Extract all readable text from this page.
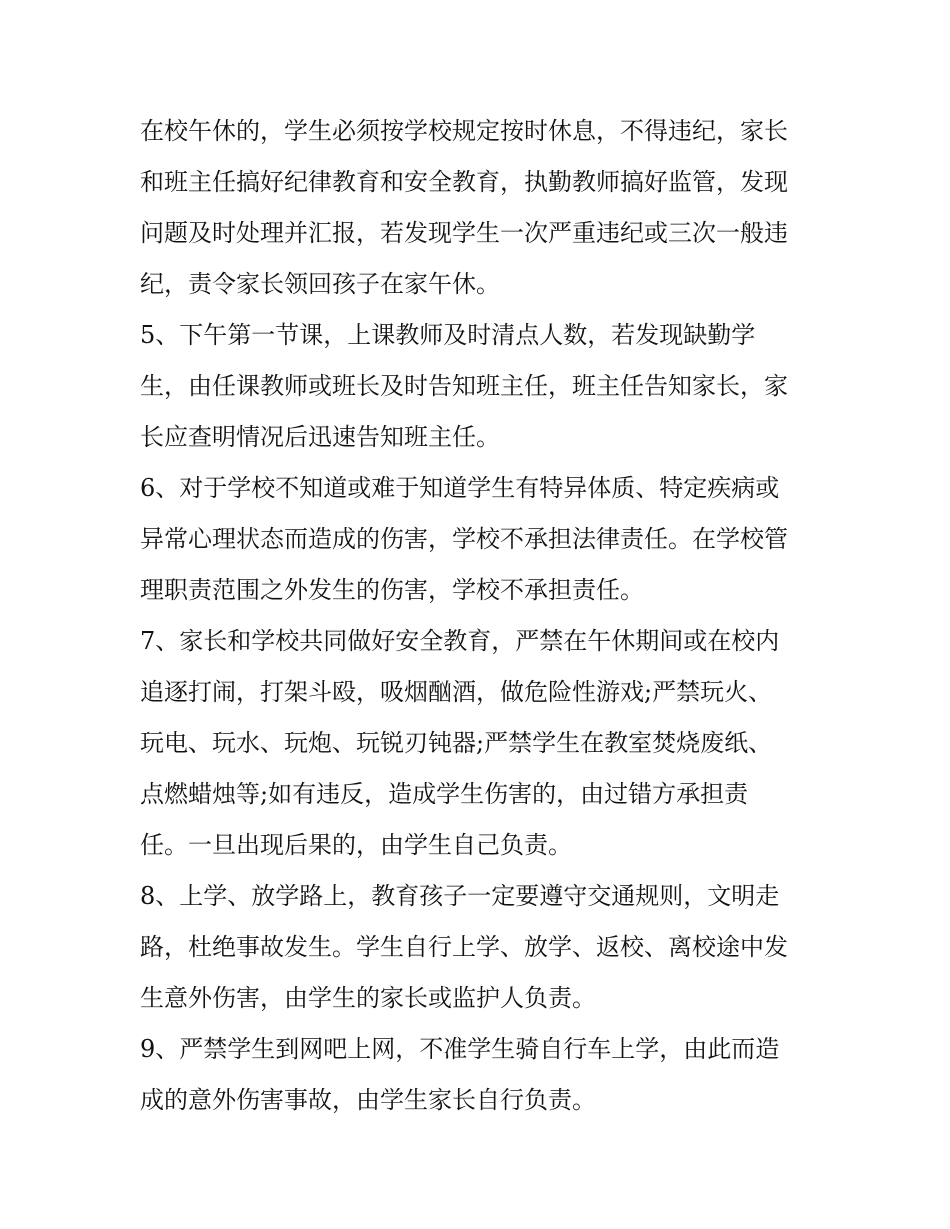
在校午休的，学生必须按学校规定按时休息，不得违纪，家长
和班主任搞好纪律教育和安全教育，执勤教师搞好监管，发现
问题及时处理并汇报，若发现学生一次严重违纪或三次一般违
纪，责令家长领回孩子在家午休。
5、下午第一节课，上课教师及时清点人数，若发现缺勤学
生，由任课教师或班长及时告知班主任，班主任告知家长，家
长应查明情况后迅速告知班主任。
6、对于学校不知道或难于知道学生有特异体质、特定疾病或
异常心理状态而造成的伤害，学校不承担法律责任。在学校管
理职责范围之外发生的伤害，学校不承担责任。
7、家长和学校共同做好安全教育，严禁在午休期间或在校内
追逐打闹，打架斗殴，吸烟酗酒，做危险性游戏;严禁玩火、
玩电、玩水、玩炮、玩锐刃钝器;严禁学生在教室焚烧废纸、
点燃蜡烛等;如有违反，造成学生伤害的，由过错方承担责
任。一旦出现后果的，由学生自己负责。
8、上学、放学路上，教育孩子一定要遵守交通规则，文明走
路，杜绝事故发生。学生自行上学、放学、返校、离校途中发
生意外伤害，由学生的家长或监护人负责。
9、严禁学生到网吧上网，不准学生骑自行车上学，由此而造
成的意外伤害事故，由学生家长自行负责。
